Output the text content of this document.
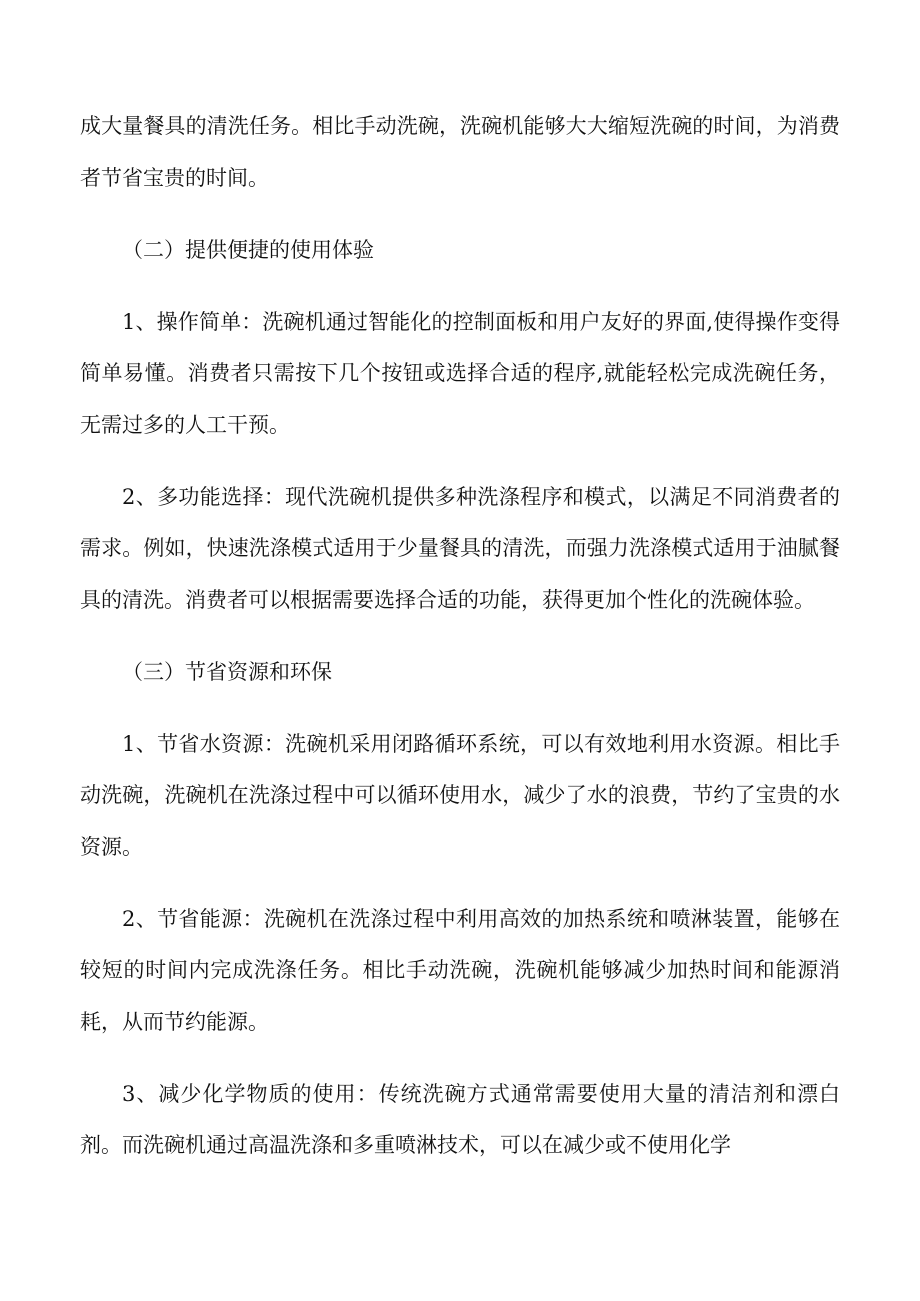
成大量餐具的清洗任务。相比手动洗碗，洗碗机能够大大缩短洗碗的时间，为消费者节省宝贵的时间。

（二）提供便捷的使用体验

1、操作简单：洗碗机通过智能化的控制面板和用户友好的界面,使得操作变得简单易懂。消费者只需按下几个按钮或选择合适的程序,就能轻松完成洗碗任务，无需过多的人工干预。

2、多功能选择：现代洗碗机提供多种洗涤程序和模式，以满足不同消费者的需求。例如，快速洗涤模式适用于少量餐具的清洗，而强力洗涤模式适用于油腻餐具的清洗。消费者可以根据需要选择合适的功能，获得更加个性化的洗碗体验。

（三）节省资源和环保

1、节省水资源：洗碗机采用闭路循环系统，可以有效地利用水资源。相比手动洗碗，洗碗机在洗涤过程中可以循环使用水，减少了水的浪费，节约了宝贵的水资源。

2、节省能源：洗碗机在洗涤过程中利用高效的加热系统和喷淋装置，能够在较短的时间内完成洗涤任务。相比手动洗碗，洗碗机能够减少加热时间和能源消耗，从而节约能源。

3、减少化学物质的使用：传统洗碗方式通常需要使用大量的清洁剂和漂白剂。而洗碗机通过高温洗涤和多重喷淋技术，可以在减少或不使用化学
